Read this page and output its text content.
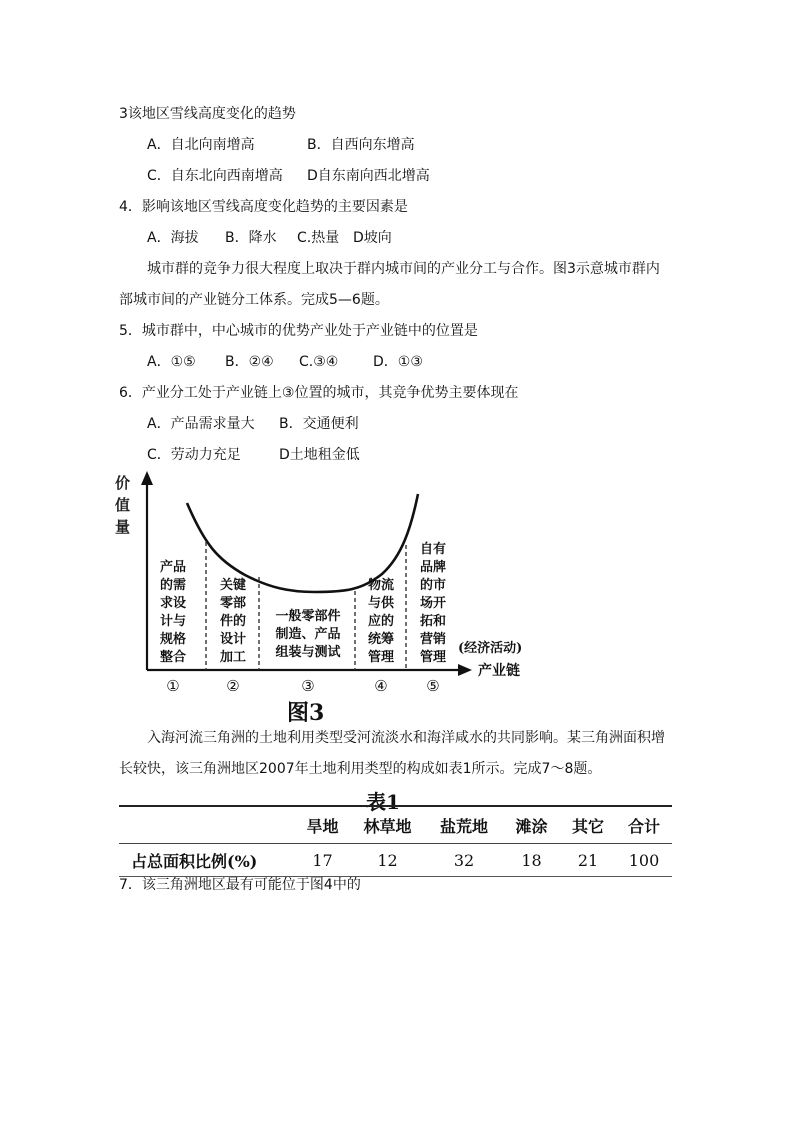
3该地区雪线高度变化的趋势
A．自北向南增高	B．自西向东增高
C．自东北向西南增高 D自东南向西北增高
4．影响该地区雪线高度变化趋势的主要因素是
A．海拔 B．降水 C.热量 D坡向
城市群的竞争力很大程度上取决于群内城市间的产业分工与合作。图3示意城市群内
部城市间的产业链分工体系。完成5—6题。
5．城市群中，中心城市的优势产业处于产业链中的位置是
A．①⑤ B．②④ C.③④ D．①③
6．产业分工处于产业链上③位置的城市，其竞争优势主要体现在
A．产品需求量大 B．交通便利
C．劳动力充足	D土地租金低
价
值
量
产品
的需
求设
计与
规格
整合
关键
零部
件的
设计
加工
一般零部件
制造、产品
组装与测试
物流
与供
应的
统筹
管理
自有
品牌
的市
场开
拓和
营销
管理
(经济活动)
产业链
①	②	③	④	⑤
图3
入海河流三角洲的土地利用类型受河流淡水和海洋咸水的共同影响。某三角洲面积增
长较快，该三角洲地区2007年土地利用类型的构成如表1所示。完成7～8题。
表1
	旱地	林草地	盐荒地	滩涂	其它	合计
占总面积比例(%)	17	12	32	18	21	100
7．该三角洲地区最有可能位于图4中的
